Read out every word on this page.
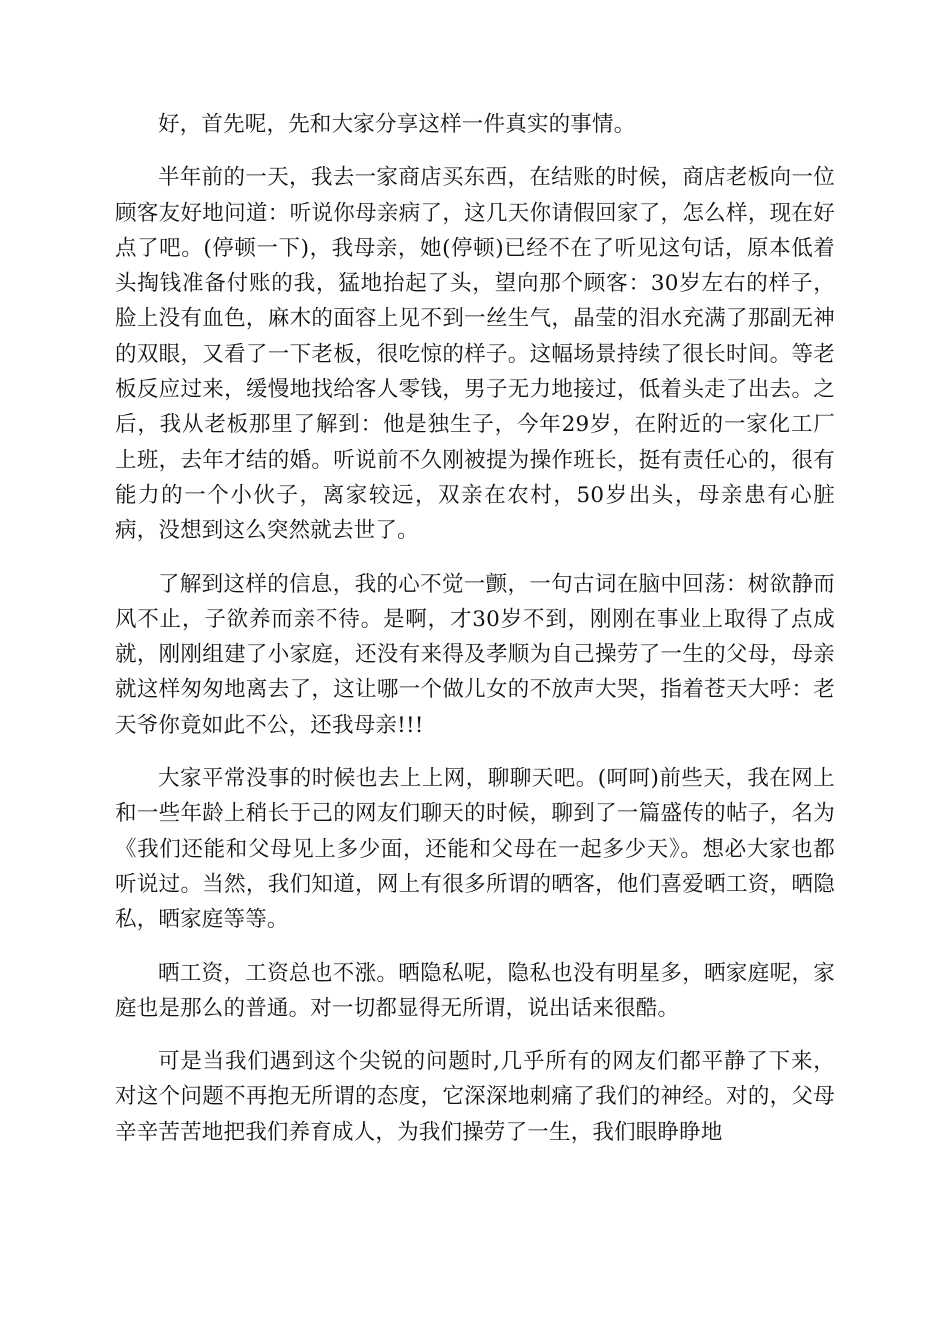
好，首先呢，先和大家分享这样一件真实的事情。

半年前的一天，我去一家商店买东西，在结账的时候，商店老板向一位顾客友好地问道：听说你母亲病了，这几天你请假回家了，怎么样，现在好点了吧。(停顿一下)，我母亲，她(停顿)已经不在了听见这句话，原本低着头掏钱准备付账的我，猛地抬起了头，望向那个顾客：30岁左右的样子，脸上没有血色，麻木的面容上见不到一丝生气，晶莹的泪水充满了那副无神的双眼，又看了一下老板，很吃惊的样子。这幅场景持续了很长时间。等老板反应过来，缓慢地找给客人零钱，男子无力地接过，低着头走了出去。之后，我从老板那里了解到：他是独生子，今年29岁，在附近的一家化工厂上班，去年才结的婚。听说前不久刚被提为操作班长，挺有责任心的，很有能力的一个小伙子，离家较远，双亲在农村，50岁出头，母亲患有心脏病，没想到这么突然就去世了。

了解到这样的信息，我的心不觉一颤，一句古词在脑中回荡：树欲静而风不止，子欲养而亲不待。是啊，才30岁不到，刚刚在事业上取得了点成就，刚刚组建了小家庭，还没有来得及孝顺为自己操劳了一生的父母，母亲就这样匆匆地离去了，这让哪一个做儿女的不放声大哭，指着苍天大呼：老天爷你竟如此不公，还我母亲!!!

大家平常没事的时候也去上上网，聊聊天吧。(呵呵)前些天，我在网上和一些年龄上稍长于己的网友们聊天的时候，聊到了一篇盛传的帖子，名为《我们还能和父母见上多少面，还能和父母在一起多少天》。想必大家也都听说过。当然，我们知道，网上有很多所谓的晒客，他们喜爱晒工资，晒隐私，晒家庭等等。

晒工资，工资总也不涨。晒隐私呢，隐私也没有明星多，晒家庭呢，家庭也是那么的普通。对一切都显得无所谓，说出话来很酷。

可是当我们遇到这个尖锐的问题时,几乎所有的网友们都平静了下来，对这个问题不再抱无所谓的态度，它深深地刺痛了我们的神经。对的，父母辛辛苦苦地把我们养育成人，为我们操劳了一生，我们眼睁睁地
